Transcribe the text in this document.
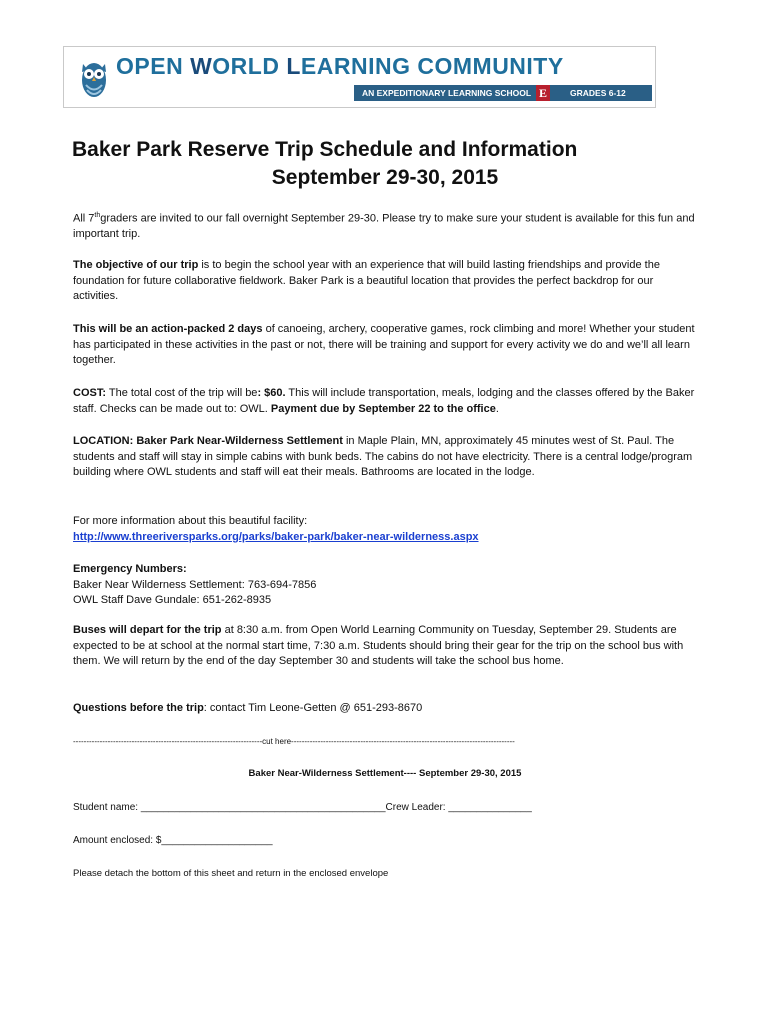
OPEN WORLD LEARNING COMMUNITY
AN EXPEDITIONARY LEARNING SCHOOL E	GRADES 6-12
Baker Park Reserve Trip Schedule and Information
September 29-30, 2015
All 7thgraders are invited to our fall overnight September 29-30. Please try to make sure your student is available for this fun and important trip.
The objective of our trip is to begin the school year with an experience that will build lasting friendships and provide the foundation for future collaborative fieldwork. Baker Park is a beautiful location that provides the perfect backdrop for our activities.
This will be an action-packed 2 days of canoeing, archery, cooperative games, rock climbing and more! Whether your student has participated in these activities in the past or not, there will be training and support for every activity we do and we’ll all learn together.
COST: The total cost of the trip will be: $60. This will include transportation, meals, lodging and the classes offered by the Baker staff. Checks can be made out to: OWL. Payment due by September 22 to the office.
LOCATION: Baker Park Near-Wilderness Settlement in Maple Plain, MN, approximately 45 minutes west of St. Paul. The students and staff will stay in simple cabins with bunk beds. The cabins do not have electricity. There is a central lodge/program building where OWL students and staff will eat their meals. Bathrooms are located in the lodge.
For more information about this beautiful facility:
http://www.threeriversparks.org/parks/baker-park/baker-near-wilderness.aspx
Emergency Numbers:
Baker Near Wilderness Settlement: 763-694-7856
OWL Staff Dave Gundale: 651-262-8935
Buses will depart for the trip at 8:30 a.m. from Open World Learning Community on Tuesday, September 29. Students are expected to be at school at the normal start time, 7:30 a.m. Students should bring their gear for the trip on the school bus with them. We will return by the end of the day September 30 and students will take the school bus home.
Questions before the trip: contact Tim Leone-Getten @ 651-293-8670
-----------------------------------------------------------------------cut here------------------------------------------------------------------------------------
Baker Near-Wilderness Settlement---- September 29-30, 2015
Student name: ____________________________________________Crew Leader: _______________
Amount enclosed: $____________________
Please detach the bottom of this sheet and return in the enclosed envelope
